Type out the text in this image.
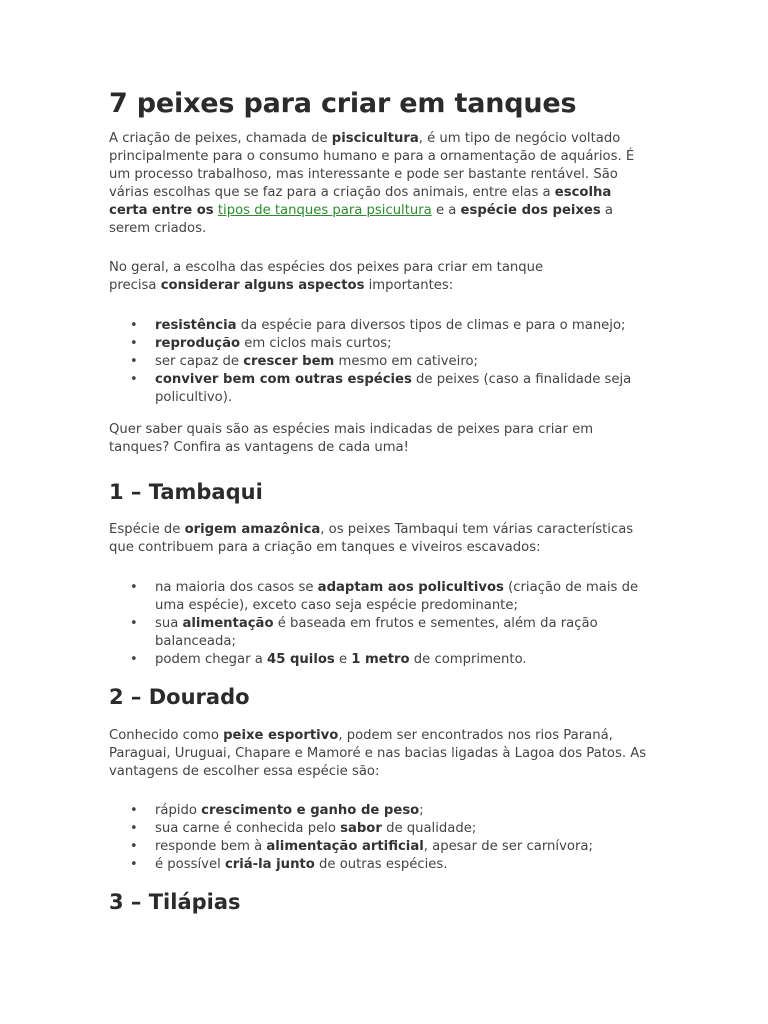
7 peixes para criar em tanques

A criação de peixes, chamada de piscicultura, é um tipo de negócio voltado principalmente para o consumo humano e para a ornamentação de aquários. É um processo trabalhoso, mas interessante e pode ser bastante rentável. São várias escolhas que se faz para a criação dos animais, entre elas a escolha certa entre os tipos de tanques para psicultura e a espécie dos peixes a serem criados.

No geral, a escolha das espécies dos peixes para criar em tanque precisa considerar alguns aspectos importantes:

• resistência da espécie para diversos tipos de climas e para o manejo;
• reprodução em ciclos mais curtos;
• ser capaz de crescer bem mesmo em cativeiro;
• conviver bem com outras espécies de peixes (caso a finalidade seja policultivo).

Quer saber quais são as espécies mais indicadas de peixes para criar em tanques? Confira as vantagens de cada uma!

1 – Tambaqui

Espécie de origem amazônica, os peixes Tambaqui tem várias características que contribuem para a criação em tanques e viveiros escavados:

• na maioria dos casos se adaptam aos policultivos (criação de mais de uma espécie), exceto caso seja espécie predominante;
• sua alimentação é baseada em frutos e sementes, além da ração balanceada;
• podem chegar a 45 quilos e 1 metro de comprimento.
2 – Dourado

Conhecido como peixe esportivo, podem ser encontrados nos rios Paraná, Paraguai, Uruguai, Chapare e Mamoré e nas bacias ligadas à Lagoa dos Patos. As vantagens de escolher essa espécie são:

• rápido crescimento e ganho de peso;
• sua carne é conhecida pelo sabor de qualidade;
• responde bem à alimentação artificial, apesar de ser carnívora;
• é possível criá-la junto de outras espécies.
3 – Tilápias
